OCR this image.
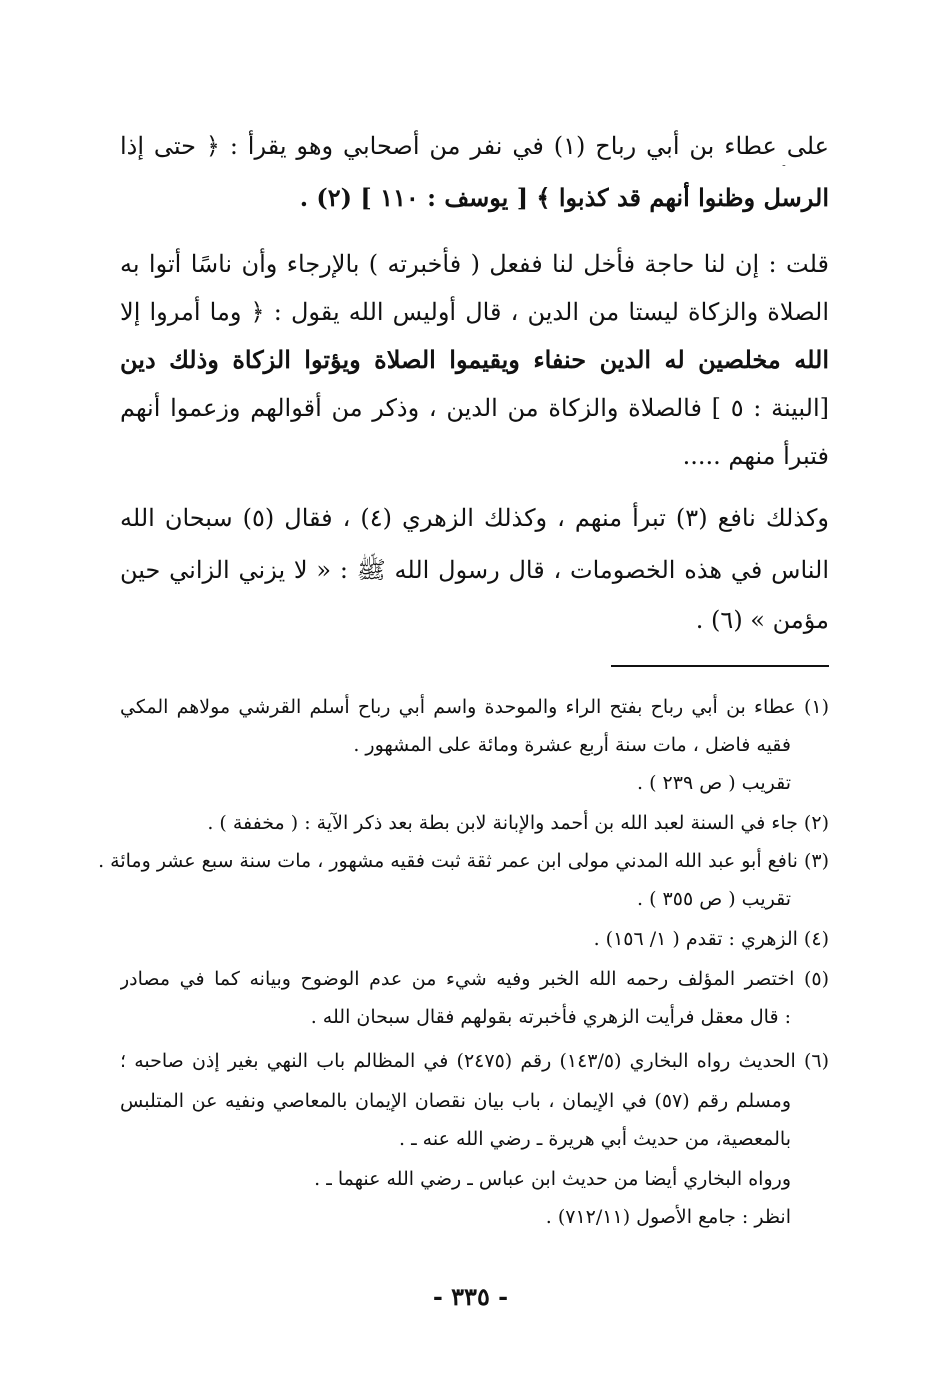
على عطاء بن أبي رباح (١) في نفر من أصحابي وهو يقرأ : ﴿ حتى إذا
الرسل وظنوا أنهم قد كذبوا ﴾ [ يوسف : ١١٠ ] (٢) .
قلت : إن لنا حاجة فأخل لنا ففعل ( فأخبرته ) بالإرجاء وأن ناسًا أتوا به
الصلاة والزكاة ليستا من الدين ، قال أوليس الله يقول : ﴿ وما أمروا إلا
الله مخلصين له الدين حنفاء ويقيموا الصلاة ويؤتوا الزكاة وذلك دين
[البينة : ٥ ] فالصلاة والزكاة من الدين ، وذكر من أقوالهم وزعموا أنهم
فتبرأ منهم .....
وكذلك نافع (٣) تبرأ منهم ، وكذلك الزهري (٤) ، فقال (٥) سبحان الله
الناس في هذه الخصومات ، قال رسول الله ﷺ : « لا يزني الزاني حين
مؤمن » (٦) .
(١) عطاء بن أبي رباح بفتح الراء والموحدة واسم أبي رباح أسلم القرشي مولاهم المكي
فقيه فاضل ، مات سنة أربع عشرة ومائة على المشهور .
تقريب ( ص ٢٣٩ ) .
(٢) جاء في السنة لعبد الله بن أحمد والإبانة لابن بطة بعد ذكر الآية : ( مخففة ) .
(٣) نافع أبو عبد الله المدني مولى ابن عمر ثقة ثبت فقيه مشهور ، مات سنة سبع عشر ومائة .
تقريب ( ص ٣٥٥ ) .
(٤) الزهري : تقدم ( ١/ ١٥٦) .
(٥) اختصر المؤلف رحمه الله الخبر وفيه شيء من عدم الوضوح وبيانه كما في مصادر
: قال معقل فرأيت الزهري فأخبرته بقولهم فقال سبحان الله .
(٦) الحديث رواه البخاري (١٤٣/٥) رقم (٢٤٧٥) في المظالم باب النهي بغير إذن صاحبه ؛
ومسلم رقم (٥٧) في الإيمان ، باب بيان نقصان الإيمان بالمعاصي ونفيه عن المتلبس
بالمعصية، من حديث أبي هريرة ـ رضي الله عنه ـ .
ورواه البخاري أيضا من حديث ابن عباس ـ رضي الله عنهما ـ .
انظر : جامع الأصول (٧١٢/١١) .
- ٣٣٥ -
